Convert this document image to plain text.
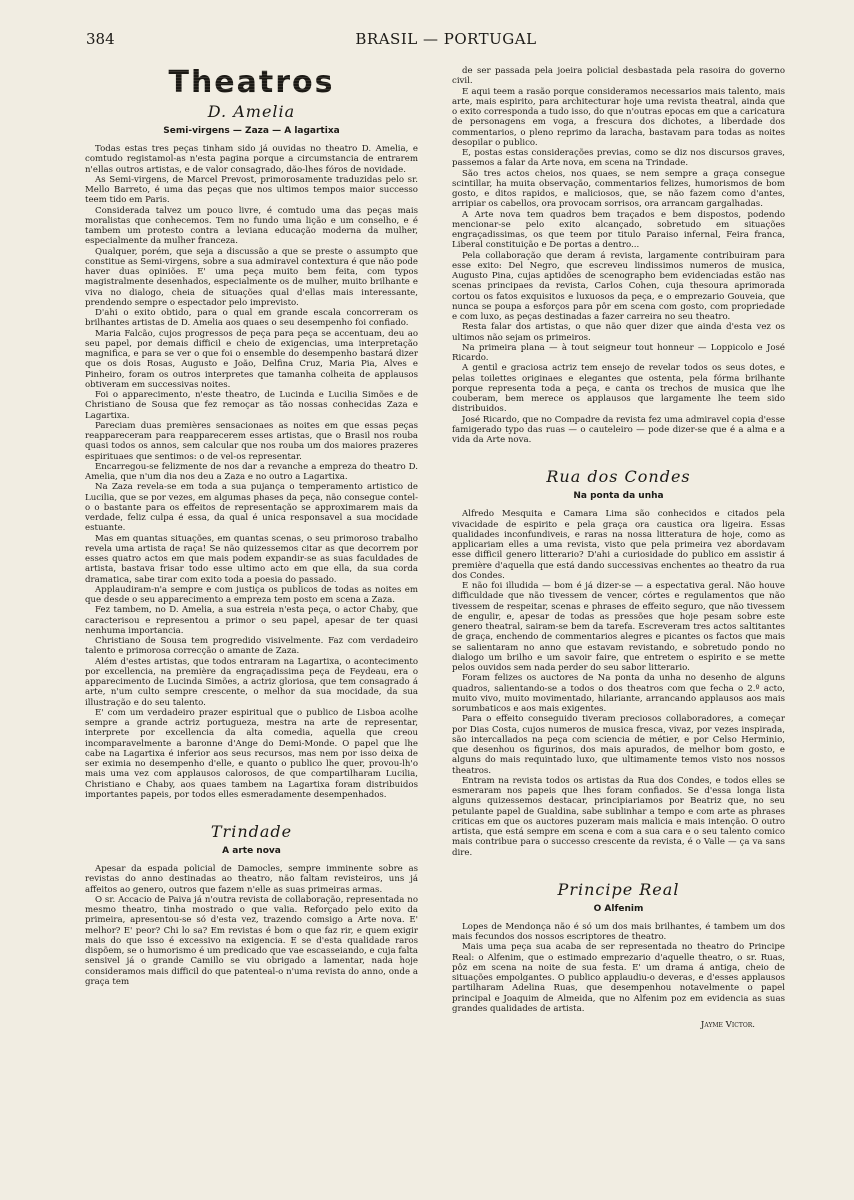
384	BRASIL — PORTUGAL

Theatros

D. Amelia
Semi-virgens — Zaza — A lagartixa

Todas estas tres peças tinham sido já ouvidas no theatro D. Amelia, e comtudo registamol-as n'esta pagina porque a circumstancia de entrarem n'ellas outros artistas, e de valor consagrado, dão-lhes fóros de novidade.

As Semi-virgens, de Marcel Prevost, primorosamente traduzidas pelo sr. Mello Barreto, é uma das peças que nos ultimos tempos maior successo teem tido em Paris.

Considerada talvez um pouco livre, é comtudo uma das peças mais moralistas que conhecemos. Tem no fundo uma lição e um conselho, e é tambem um protesto contra a leviana educação moderna da mulher, especialmente da mulher franceza.

Qualquer, porém, que seja a discussão a que se preste o assumpto que constitue as Semi-virgens, sobre a sua admiravel contextura é que não pode haver duas opiniões. E' uma peça muito bem feita, com typos magistralmente desenhados, especialmente os de mulher, muito brilhante e viva no dialogo, cheia de situações qual d'ellas mais interessante, prendendo sempre o espectador pelo imprevisto.

D'ahi o exito obtido, para o qual em grande escala concorreram os brilhantes artistas de D. Amelia aos quaes o seu desempenho foi confiado.

Maria Falcão, cujos progressos de peça para peça se accentuam, deu ao seu papel, por demais difficil e cheio de exigencias, uma interpretação magnifica, e para se ver o que foi o ensemble do desempenho bastará dizer que os dois Rosas, Augusto e João, Delfina Cruz, Maria Pia, Alves e Pinheiro, foram os outros interpretes que tamanha colheita de applausos obtiveram em successivas noites.

Foi o apparecimento, n'este theatro, de Lucinda e Lucilia Simões e de Christiano de Sousa que fez remoçar as tão nossas conhecidas Zaza e Lagartixa.

Pareciam duas premières sensacionaes as noites em que essas peças reappareceram para reapparecerem esses artistas, que o Brasil nos rouba quasi todos os annos, sem calcular que nos rouba um dos maiores prazeres espirituaes que sentimos: o de vel-os representar.

Encarregou-se felizmente de nos dar a revanche a empreza do theatro D. Amelia, que n'um dia nos deu a Zaza e no outro a Lagartixa.

Na Zaza revela-se em toda a sua pujança o temperamento artistico de Lucilia, que se por vezes, em algumas phases da peça, não consegue contel-o o bastante para os effeitos de representação se approximarem mais da verdade, feliz culpa é essa, da qual é unica responsavel a sua mocidade estuante.

Mas em quantas situações, em quantas scenas, o seu primoroso trabalho revela uma artista de raça! Se não quizessemos citar as que decorrem por esses quatro actos em que mais podem expandir-se as suas faculdades de artista, bastava frisar todo esse ultimo acto em que ella, da sua corda dramatica, sabe tirar com exito toda a poesia do passado.

Applaudiram-n'a sempre e com justiça os publicos de todas as noites em que desde o seu apparecimento a empreza tem posto em scena a Zaza.

Fez tambem, no D. Amelia, a sua estreia n'esta peça, o actor Chaby, que caracterisou e representou a primor o seu papel, apesar de ter quasi nenhuma importancia.

Christiano de Sousa tem progredido visivelmente. Faz com verdadeiro talento e primorosa correcção o amante de Zaza.

Além d'estes artistas, que todos entraram na Lagartixa, o acontecimento por excellencia, na première da engraçadissima peça de Feydeau, era o apparecimento de Lucinda Simões, a actriz gloriosa, que tem consagrado á arte, n'um culto sempre crescente, o melhor da sua mocidade, da sua illustração e do seu talento.

E' com um verdadeiro prazer espiritual que o publico de Lisboa acolhe sempre a grande actriz portugueza, mestra na arte de representar, interprete por excellencia da alta comedia, aquella que creou incomparavelmente a baronne d'Ange do Demi-Monde. O papel que lhe cabe na Lagartixa é inferior aos seus recursos, mas nem por isso deixa de ser eximia no desempenho d'elle, e quanto o publico lhe quer, provou-lh'o mais uma vez com applausos calorosos, de que compartilharam Lucilia, Christiano e Chaby, aos quaes tambem na Lagartixa foram distribuidos importantes papeis, por todos elles esmeradamente desempenhados.

Trindade
A arte nova

Apesar da espada policial de Damocles, sempre imminente sobre as revistas do anno destinadas ao theatro, não faltam revisteiros, uns já affeitos ao genero, outros que fazem n'elle as suas primeiras armas.

O sr. Accacio de Paiva já n'outra revista de collaboração, representada no mesmo theatro, tinha mostrado o que valia. Reforçado pelo exito da primeira, apresentou-se só d'esta vez, trazendo comsigo a Arte nova. E' melhor? E' peor? Chi lo sa? Em revistas é bom o que faz rir, e quem exigir mais do que isso é excessivo na exigencia. E se d'esta qualidade raros dispõem, se o humorismo é um predicado que vae escasseiando, e cuja falta sensivel já o grande Camillo se viu obrigado a lamentar, nada hoje consideramos mais difficil do que patenteal-o n'uma revista do anno, onde a graça tem

de ser passada pela joeira policial desbastada pela rasoira do governo civil.

E aqui teem a rasão porque consideramos necessarios mais talento, mais arte, mais espirito, para architecturar hoje uma revista theatral, ainda que o exito corresponda a tudo isso, do que n'outras epocas em que a caricatura de personagens em voga, a frescura dos dichotes, a liberdade dos commentarios, o pleno reprimo da laracha, bastavam para todas as noites desopilar o publico.

E, postas estas considerações previas, como se diz nos discursos graves, passemos a falar da Arte nova, em scena na Trindade.

São tres actos cheios, nos quaes, se nem sempre a graça consegue scintillar, ha muita observação, commentarios felizes, humorismos de bom gosto, e ditos rapidos, e maliciosos, que, se não fazem como d'antes, arripiar os cabellos, ora provocam sorrisos, ora arrancam gargalhadas.

A Arte nova tem quadros bem traçados e bem dispostos, podendo mencionar-se pelo exito alcançado, sobretudo em situações engraçadissimas, os que teem por titulo Paraiso infernal, Feira franca, Liberal constituição e De portas a dentro...

Pela collaboração que deram á revista, largamente contribuiram para esse exito: Del Negro, que escreveu lindissimos numeros de musica, Augusto Pina, cujas aptidões de scenographo bem evidenciadas estão nas scenas principaes da revista, Carlos Cohen, cuja thesoura aprimorada cortou os fatos exquisitos e luxuosos da peça, e o emprezario Gouveia, que nunca se poupa a esforços para pôr em scena com gosto, com propriedade e com luxo, as peças destinadas a fazer carreira no seu theatro.

Resta falar dos artistas, o que não quer dizer que ainda d'esta vez os ultimos não sejam os primeiros.

Na primeira plana — à tout seigneur tout honneur — Loppicolo e José Ricardo.

A gentil e graciosa actriz tem ensejo de revelar todos os seus dotes, e pelas toilettes originaes e elegantes que ostenta, pela fórma brilhante porque representa toda a peça, e canta os trechos de musica que lhe couberam, bem merece os applausos que largamente lhe teem sido distribuidos.

José Ricardo, que no Compadre da revista fez uma admiravel copia d'esse famigerado typo das ruas — o cauteleiro — pode dizer-se que é a alma e a vida da Arte nova.

Rua dos Condes
Na ponta da unha

Alfredo Mesquita e Camara Lima são conhecidos e citados pela vivacidade de espirito e pela graça ora caustica ora ligeira. Essas qualidades inconfundiveis, e raras na nossa litteratura de hoje, como as applicariam elles a uma revista, visto que pela primeira vez abordavam esse difficil genero litterario? D'ahi a curiosidade do publico em assistir á première d'aquella que está dando successivas enchentes ao theatro da rua dos Condes.

E não foi illudida — bom é já dizer-se — a espectativa geral. Não houve difficuldade que não tivessem de vencer, córtes e regulamentos que não tivessem de respeitar, scenas e phrases de effeito seguro, que não tivessem de engulir, e, apesar de todas as pressões que hoje pesam sobre este genero theatral, sairam-se bem da tarefa. Escreveram tres actos saltitantes de graça, enchendo de commentarios alegres e picantes os factos que mais se salientaram no anno que estavam revistando, e sobretudo pondo no dialogo um brilho e um savoir faire, que entretem o espirito e se mette pelos ouvidos sem nada perder do seu sabor litterario.

Foram felizes os auctores de Na ponta da unha no desenho de alguns quadros, salientando-se a todos o dos theatros com que fecha o 2.º acto, muito vivo, muito movimentado, hilariante, arrancando applausos aos mais sorumbaticos e aos mais exigentes.

Para o effeito conseguido tiveram preciosos collaboradores, a começar por Dias Costa, cujos numeros de musica fresca, vivaz, por vezes inspirada, são intercallados na peça com sciencia de métier, e por Celso Herminio, que desenhou os figurinos, dos mais apurados, de melhor bom gosto, e alguns do mais requintado luxo, que ultimamente temos visto nos nossos theatros.

Entram na revista todos os artistas da Rua dos Condes, e todos elles se esmeraram nos papeis que lhes foram confiados. Se d'essa longa lista alguns quizessemos destacar, principiariamos por Beatriz que, no seu petulante papel de Gualdina, sabe sublinhar a tempo e com arte as phrases criticas em que os auctores puzeram mais malicia e mais intenção. O outro artista, que está sempre em scena e com a sua cara e o seu talento comico mais contribue para o successo crescente da revista, é o Valle — ça va sans dire.

Principe Real
O Alfenim

Lopes de Mendonça não é só um dos mais brilhantes, é tambem um dos mais fecundos dos nossos escriptores de theatro.

Mais uma peça sua acaba de ser representada no theatro do Principe Real: o Alfenim, que o estimado emprezario d'aquelle theatro, o sr. Ruas, pôz em scena na noite de sua festa. E' um drama á antiga, cheio de situações empolgantes. O publico applaudiu-o deveras, e d'esses applausos partilharam Adelina Ruas, que desempenhou notavelmente o papel principal e Joaquim de Almeida, que no Alfenim poz em evidencia as suas grandes qualidades de artista.

Jayme Victor.
